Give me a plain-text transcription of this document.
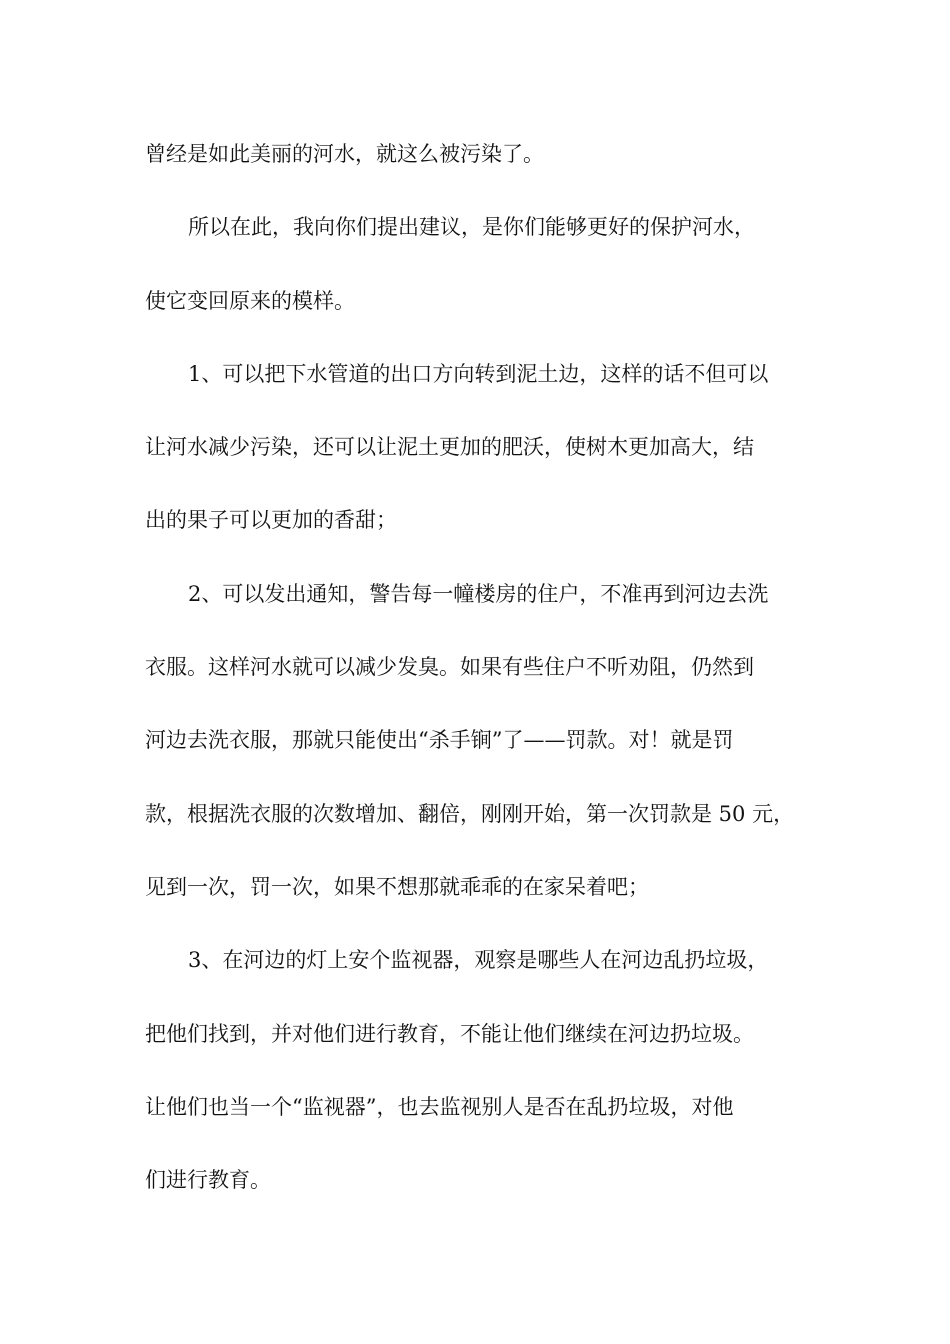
曾经是如此美丽的河水，就这么被污染了。
所以在此，我向你们提出建议，是你们能够更好的保护河水，
使它变回原来的模样。
1、可以把下水管道的出口方向转到泥土边，这样的话不但可以
让河水减少污染，还可以让泥土更加的肥沃，使树木更加高大，结
出的果子可以更加的香甜；
2、可以发出通知，警告每一幢楼房的住户，不准再到河边去洗
衣服。这样河水就可以减少发臭。如果有些住户不听劝阻，仍然到
河边去洗衣服，那就只能使出“杀手锏”了——罚款。对！就是罚
款，根据洗衣服的次数增加、翻倍，刚刚开始，第一次罚款是 50 元，
见到一次，罚一次，如果不想那就乖乖的在家呆着吧；
3、在河边的灯上安个监视器，观察是哪些人在河边乱扔垃圾，
把他们找到，并对他们进行教育，不能让他们继续在河边扔垃圾。
让他们也当一个“监视器”，也去监视别人是否在乱扔垃圾，对他
们进行教育。
